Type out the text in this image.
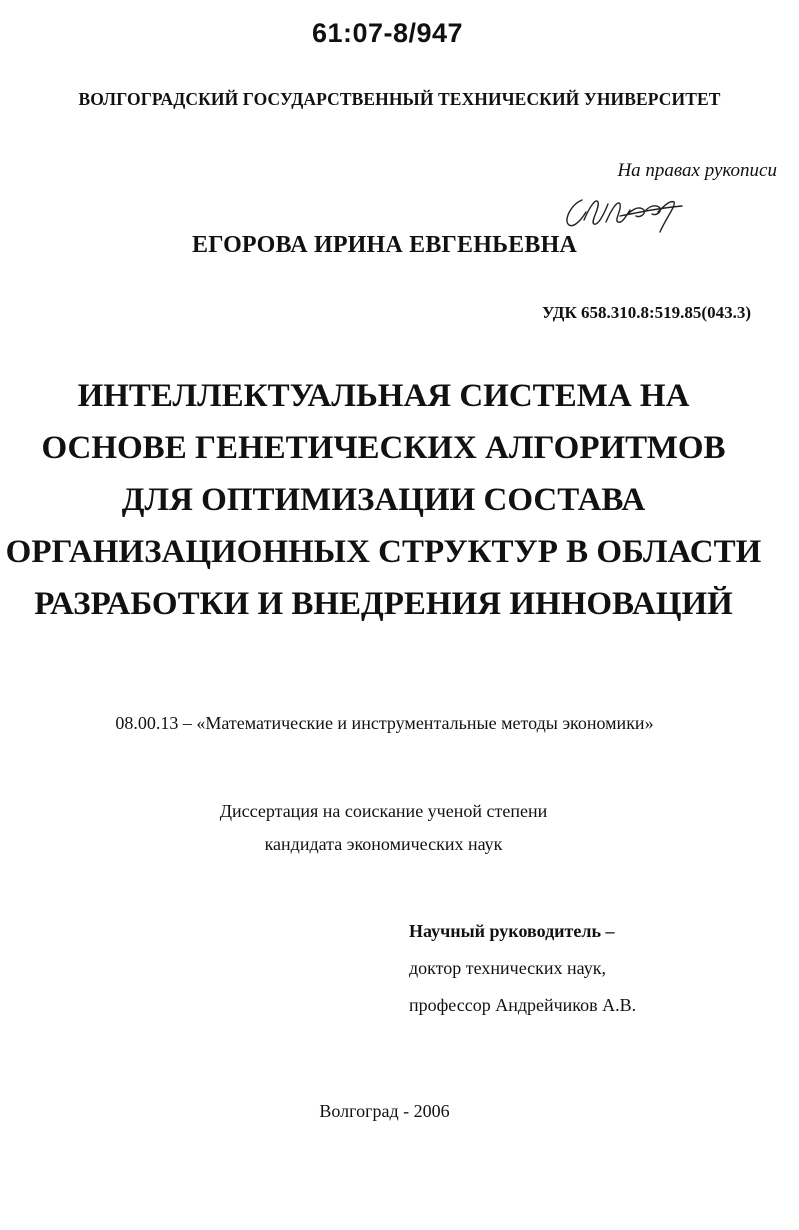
61:07-8/947
ВОЛГОГРАДСКИЙ ГОСУДАРСТВЕННЫЙ ТЕХНИЧЕСКИЙ УНИВЕРСИТЕТ
На правах рукописи
ЕГОРОВА ИРИНА ЕВГЕНЬЕВНА
УДК 658.310.8:519.85(043.3)
ИНТЕЛЛЕКТУАЛЬНАЯ СИСТЕМА НА
ОСНОВЕ ГЕНЕТИЧЕСКИХ АЛГОРИТМОВ
ДЛЯ ОПТИМИЗАЦИИ СОСТАВА
ОРГАНИЗАЦИОННЫХ СТРУКТУР В ОБЛАСТИ
РАЗРАБОТКИ И ВНЕДРЕНИЯ ИННОВАЦИЙ
08.00.13 – «Математические и инструментальные методы экономики»
Диссертация на соискание ученой степени
кандидата экономических наук
Научный руководитель –
доктор технических наук,
профессор Андрейчиков А.В.
Волгоград - 2006
